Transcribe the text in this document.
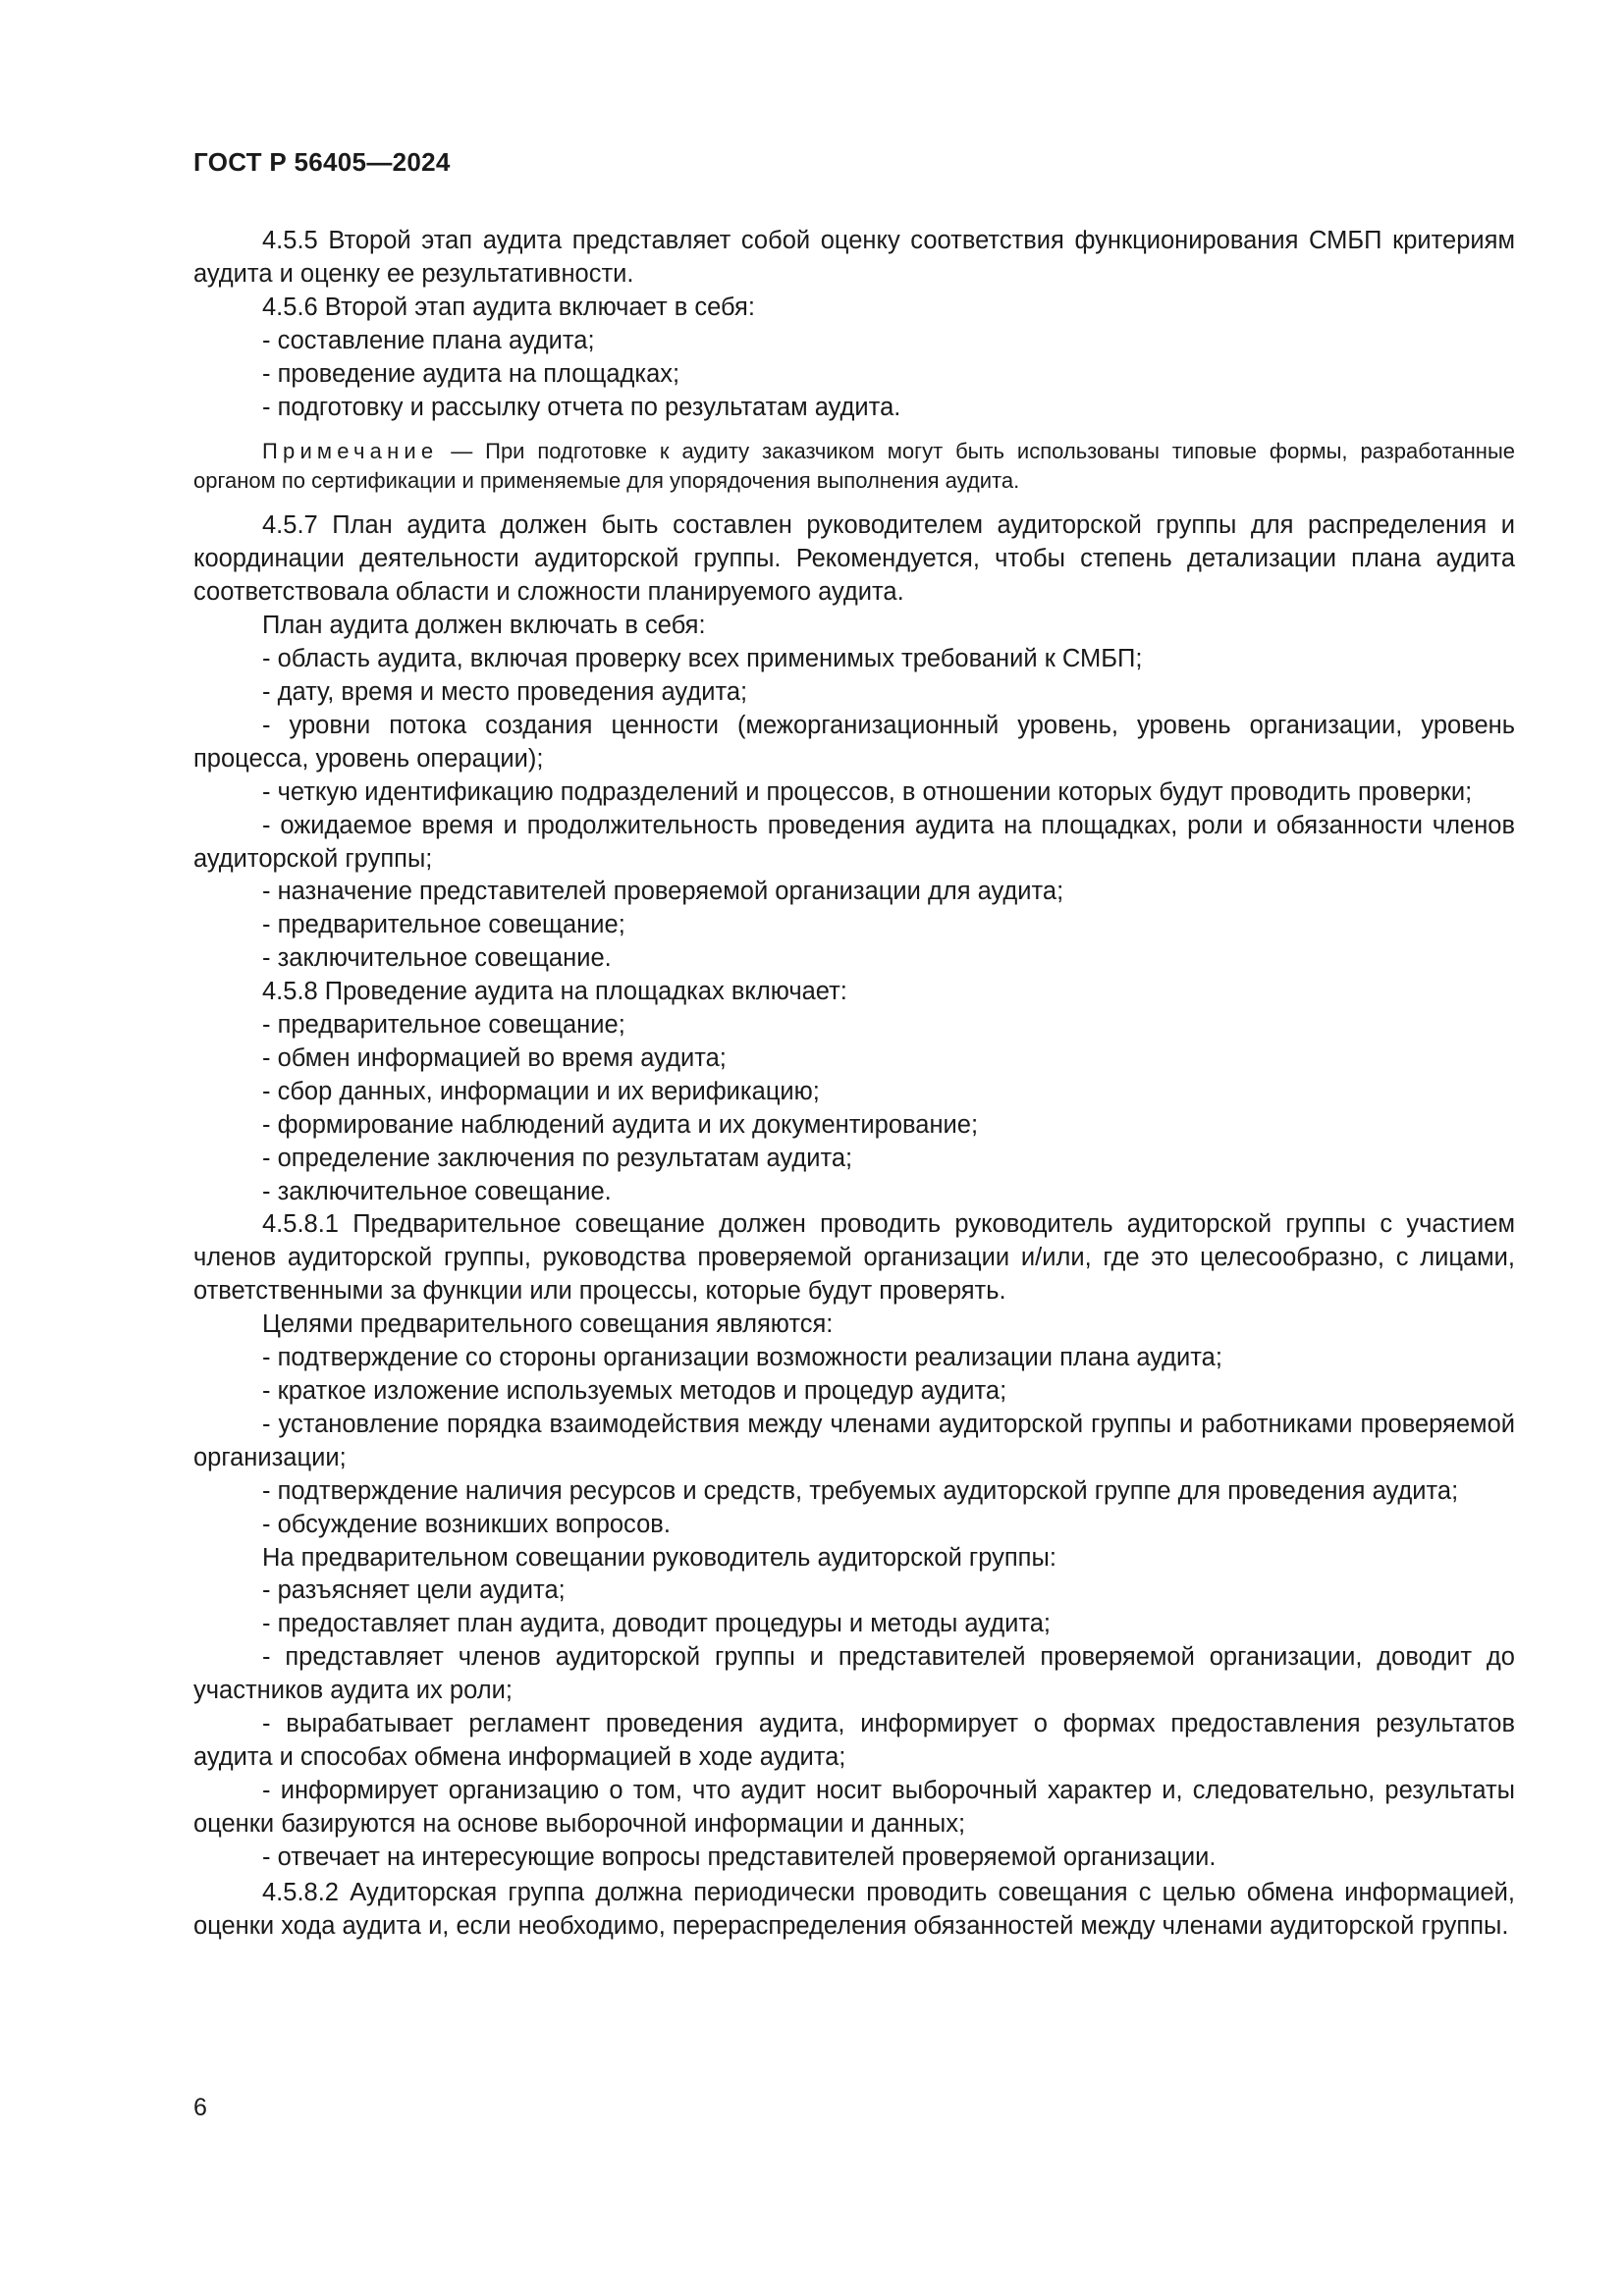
ГОСТ Р 56405—2024

4.5.5 Второй этап аудита представляет собой оценку соответствия функционирования СМБП критериям аудита и оценку ее результативности.

4.5.6 Второй этап аудита включает в себя:

- составление плана аудита;

- проведение аудита на площадках;

- подготовку и рассылку отчета по результатам аудита.

Примечание — При подготовке к аудиту заказчиком могут быть использованы типовые формы, разработанные органом по сертификации и применяемые для упорядочения выполнения аудита.

4.5.7 План аудита должен быть составлен руководителем аудиторской группы для распределения и координации деятельности аудиторской группы. Рекомендуется, чтобы степень детализации плана аудита соответствовала области и сложности планируемого аудита.

План аудита должен включать в себя:

- область аудита, включая проверку всех применимых требований к СМБП;

- дату, время и место проведения аудита;

- уровни потока создания ценности (межорганизационный уровень, уровень организации, уровень процесса, уровень операции);

- четкую идентификацию подразделений и процессов, в отношении которых будут проводить проверки;

- ожидаемое время и продолжительность проведения аудита на площадках, роли и обязанности членов аудиторской группы;

- назначение представителей проверяемой организации для аудита;

- предварительное совещание;

- заключительное совещание.

4.5.8 Проведение аудита на площадках включает:

- предварительное совещание;

- обмен информацией во время аудита;

- сбор данных, информации и их верификацию;

- формирование наблюдений аудита и их документирование;

- определение заключения по результатам аудита;

- заключительное совещание.

4.5.8.1 Предварительное совещание должен проводить руководитель аудиторской группы с участием членов аудиторской группы, руководства проверяемой организации и/или, где это целесообразно, с лицами, ответственными за функции или процессы, которые будут проверять.

Целями предварительного совещания являются:

- подтверждение со стороны организации возможности реализации плана аудита;

- краткое изложение используемых методов и процедур аудита;

- установление порядка взаимодействия между членами аудиторской группы и работниками проверяемой организации;

- подтверждение наличия ресурсов и средств, требуемых аудиторской группе для проведения аудита;

- обсуждение возникших вопросов.

На предварительном совещании руководитель аудиторской группы:

- разъясняет цели аудита;

- предоставляет план аудита, доводит процедуры и методы аудита;

- представляет членов аудиторской группы и представителей проверяемой организации, доводит до участников аудита их роли;

- вырабатывает регламент проведения аудита, информирует о формах предоставления результатов аудита и способах обмена информацией в ходе аудита;

- информирует организацию о том, что аудит носит выборочный характер и, следовательно, результаты оценки базируются на основе выборочной информации и данных;

- отвечает на интересующие вопросы представителей проверяемой организации.

4.5.8.2 Аудиторская группа должна периодически проводить совещания с целью обмена информацией, оценки хода аудита и, если необходимо, перераспределения обязанностей между членами аудиторской группы.

6
